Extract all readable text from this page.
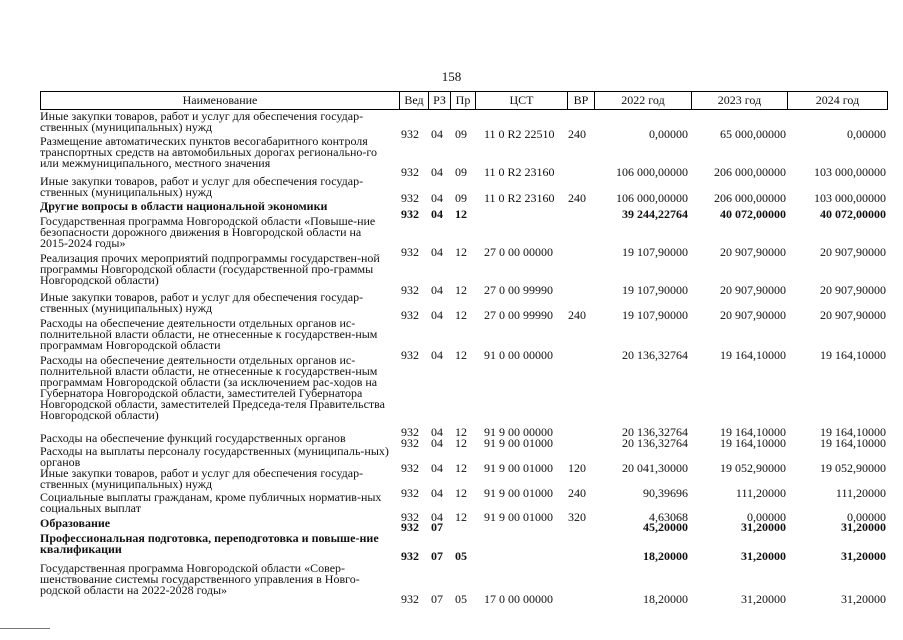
158
Наименование	Вед РЗ Пр	ЦСТ	ВР	2022 год	2023 год	2024 год
Иные закупки товаров, работ и услуг для обеспечения государ-ственных (муниципальных) нужд	932 04 09 11 0 R2 22510 240	0,00000	65 000,00000	0,00000
Размещение автоматических пунктов весогабаритного контроля транспортных средств на автомобильных дорогах регионально-го или межмуниципального, местного значения
932 04 09 11 0 R2 23160	106 000,00000	206 000,00000	103 000,00000
Иные закупки товаров, работ и услуг для обеспечения государ-ственных (муниципальных) нужд	932 04 09 11 0 R2 23160 240	106 000,00000	206 000,00000	103 000,00000
Другие вопросы в области национальной экономики
932 04 12	39 244,22764	40 072,00000	40 072,00000
Государственная программа Новгородской области «Повыше-ние безопасности дорожного движения в Новгородской области на 2015-2024 годы»
932 04 12 27 0 00 00000	19 107,90000	20 907,90000	20 907,90000
Реализация прочих мероприятий подпрограммы государствен-ной программы Новгородской области (государственной про-граммы Новгородской области)
932 04 12 27 0 00 99990	19 107,90000	20 907,90000	20 907,90000
Иные закупки товаров, работ и услуг для обеспечения государ-ственных (муниципальных) нужд	932 04 12 27 0 00 99990 240	19 107,90000	20 907,90000	20 907,90000
Расходы на обеспечение деятельности отдельных органов ис-полнительной власти области, не отнесенные к государствен-ным программам Новгородской области
932 04 12 91 0 00 00000	20 136,32764	19 164,10000	19 164,10000
Расходы на обеспечение деятельности отдельных органов ис-полнительной власти области, не отнесенные к государствен-ным программам Новгородской области (за исключением рас-ходов на Губернатора Новгородской области, заместителей Губернатора Новгородской области, заместителей Председа-теля Правительства Новгородской области)
932 04 12 91 9 00 00000	20 136,32764	19 164,10000	19 164,10000
Расходы на обеспечение функций государственных органов	932 04 12 91 9 00 01000	20 136,32764	19 164,10000	19 164,10000
Расходы на выплаты персоналу государственных (муниципаль-ных) органов	932 04 12 91 9 00 01000 120	20 041,30000	19 052,90000	19 052,90000
Иные закупки товаров, работ и услуг для обеспечения государ-ственных (муниципальных) нужд
932 04 12 91 9 00 01000 240	90,39696	111,20000	111,20000
Социальные выплаты гражданам, кроме публичных норматив-ных социальных выплат
932 04 12 91 9 00 01000 320	4,63068	0,00000	0,00000
Образование	932 07	45,20000	31,20000	31,20000
Профессиональная подготовка, переподготовка и повыше-ние квалификации	932 07 05	18,20000	31,20000	31,20000
Государственная программа Новгородской области «Совер-шенствование системы государственного управления в Новго-родской области на 2022-2028 годы»
932 07 05 17 0 00 00000	18,20000	31,20000	31,20000
